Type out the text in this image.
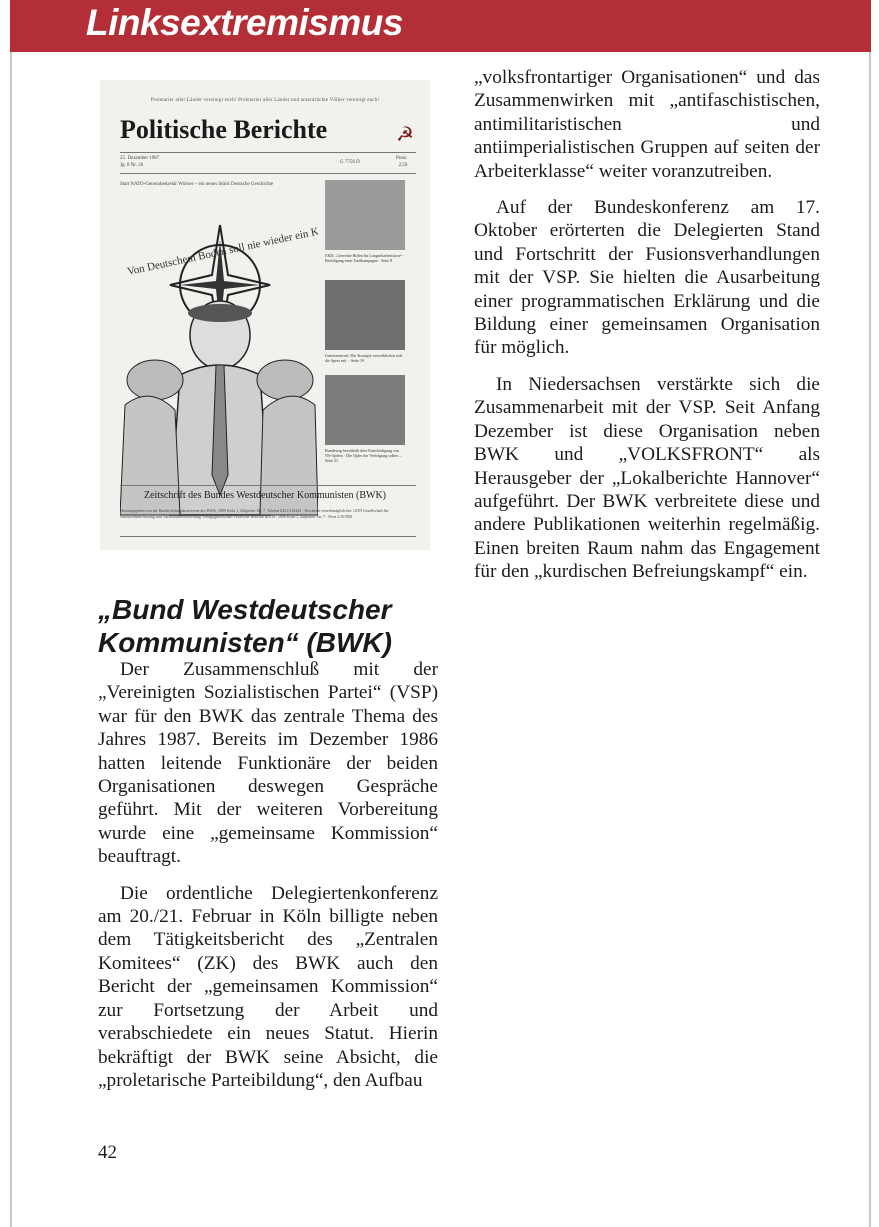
Linksextremismus
Proletarier aller Länder vereinigt euch! Proletarier aller Länder und unterdrückte Völker vereinigt euch!
Politische Berichte	☭
25. Dezember 1987
Jg. 8 Nr. 26
G 7756 D
Preis:
2,50
Statt NATO-Generalsekretär Wörner – ein neues Stück Deutsche Geschichte
EKD: „Gerechte Hilfen für Langzeitarbeitslose“ · Beteiligung einer Tarifkampagne · Seite 8
Gesetzentwurf: Die Strategie-verwirklichen sich die Speer mit ·· Seite 19
Bundestag beschließt über Entschädigung von NS-Opfern · Die Opfer der Verfolgung sollen ... · Seite 31
Zeitschrift des Bundes Westdeutscher Kommunisten (BWK)
Herausgegeben von der Bundesleitungskonferenz des BWK, 5000 Köln 1, Zülpicher Str. 7, Telefon 0221/216442 · Erscheint vierzehntäglich bei: GNN Gesellschaft für Nachrichtenerfassung und Nachrichtenverbreitung Verlagsgesellschaft Politische Berichte m.b.H., 5000 Köln 1, Zülpicher Str. 7 · Preis 2,50 DM
„Bund Westdeutscher Kommunisten“ (BWK)

Der Zusammenschluß mit der „Vereinigten Sozialistischen Partei“ (VSP) war für den BWK das zentrale Thema des Jahres 1987. Bereits im Dezember 1986 hatten leitende Funktionäre der beiden Organisationen deswegen Gespräche geführt. Mit der weiteren Vorbereitung wurde eine „gemeinsame Kommission“ beauftragt.

Die ordentliche Delegiertenkonferenz am 20./21. Februar in Köln billigte neben dem Tätigkeitsbericht des „Zentralen Komitees“ (ZK) des BWK auch den Bericht der „gemeinsamen Kommission“ zur Fortsetzung der Arbeit und verabschiedete ein neues Statut. Hierin bekräftigt der BWK seine Absicht, die „proletarische Parteibildung“, den Aufbau

„volksfrontartiger Organisationen“ und das Zusammenwirken mit „antifaschistischen, antimilitaristischen und antiimperialistischen Gruppen auf seiten der Arbeiterklasse“ weiter voranzutreiben.

Auf der Bundeskonferenz am 17. Oktober erörterten die Delegierten Stand und Fortschritt der Fusionsverhandlungen mit der VSP. Sie hielten die Ausarbeitung einer programmatischen Erklärung und die Bildung einer gemeinsamen Organisation für möglich.

In Niedersachsen verstärkte sich die Zusammenarbeit mit der VSP. Seit Anfang Dezember ist diese Organisation neben BWK und „VOLKSFRONT“ als Herausgeber der „Lokalberichte Hannover“ aufgeführt. Der BWK verbreitete diese und andere Publikationen weiterhin regelmäßig. Einen breiten Raum nahm das Engagement für den „kurdischen Befreiungskampf“ ein.

42
